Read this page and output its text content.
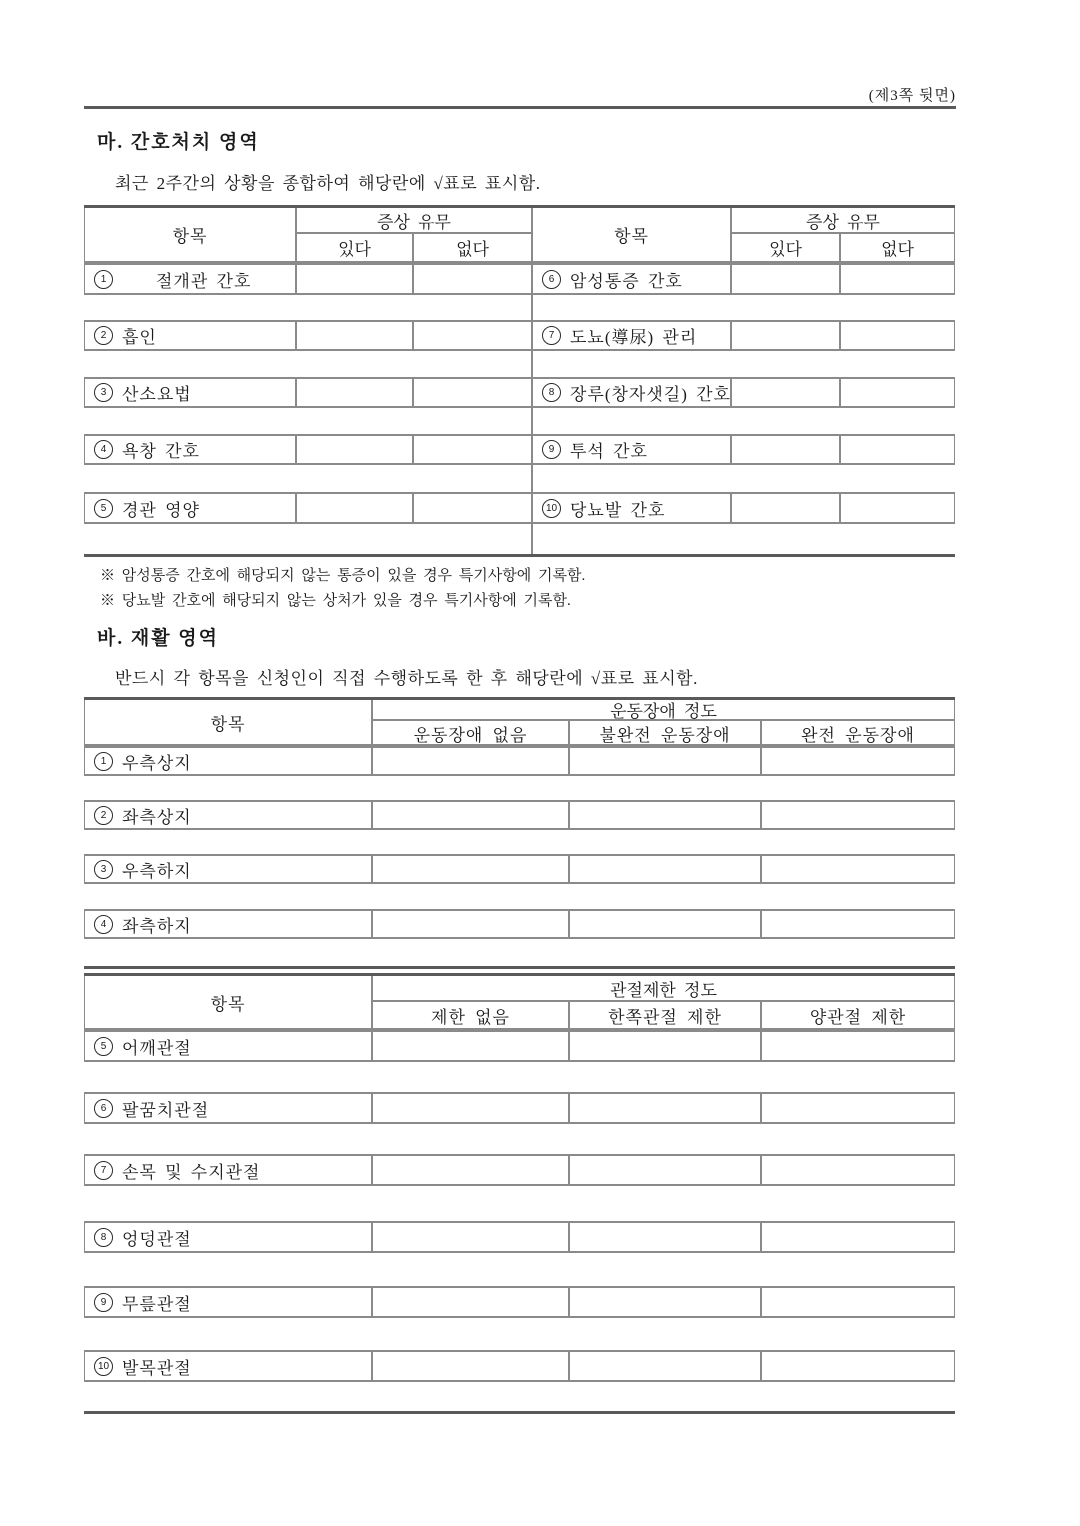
(제3쪽 뒷면)
마. 간호처치 영역
최근 2주간의 상황을 종합하여 해당란에 √표로 표시함.
항목
증상 유무
있다	없다
항목
증상 유무
있다	없다
1	절개관 간호	6 암성통증 간호
2 흡인	7 도뇨(導尿) 관리
3 산소요법	8 장루(창자샛길) 간호
4 욕창 간호	9 투석 간호
5 경관 영양	10 당뇨발 간호
※ 암성통증 간호에 해당되지 않는 통증이 있을 경우 특기사항에 기록함.
※ 당뇨발 간호에 해당되지 않는 상처가 있을 경우 특기사항에 기록함.
바. 재활 영역
반드시 각 항목을 신청인이 직접 수행하도록 한 후 해당란에 √표로 표시함.
항목
운동장애 정도
운동장애 없음	불완전 운동장애	완전 운동장애
1 우측상지
2 좌측상지
3 우측하지
4 좌측하지
항목
관절제한 정도
제한 없음	한쪽관절 제한	양관절 제한
5 어깨관절
6 팔꿈치관절
7 손목 및 수지관절
8 엉덩관절
9 무릎관절
10 발목관절
